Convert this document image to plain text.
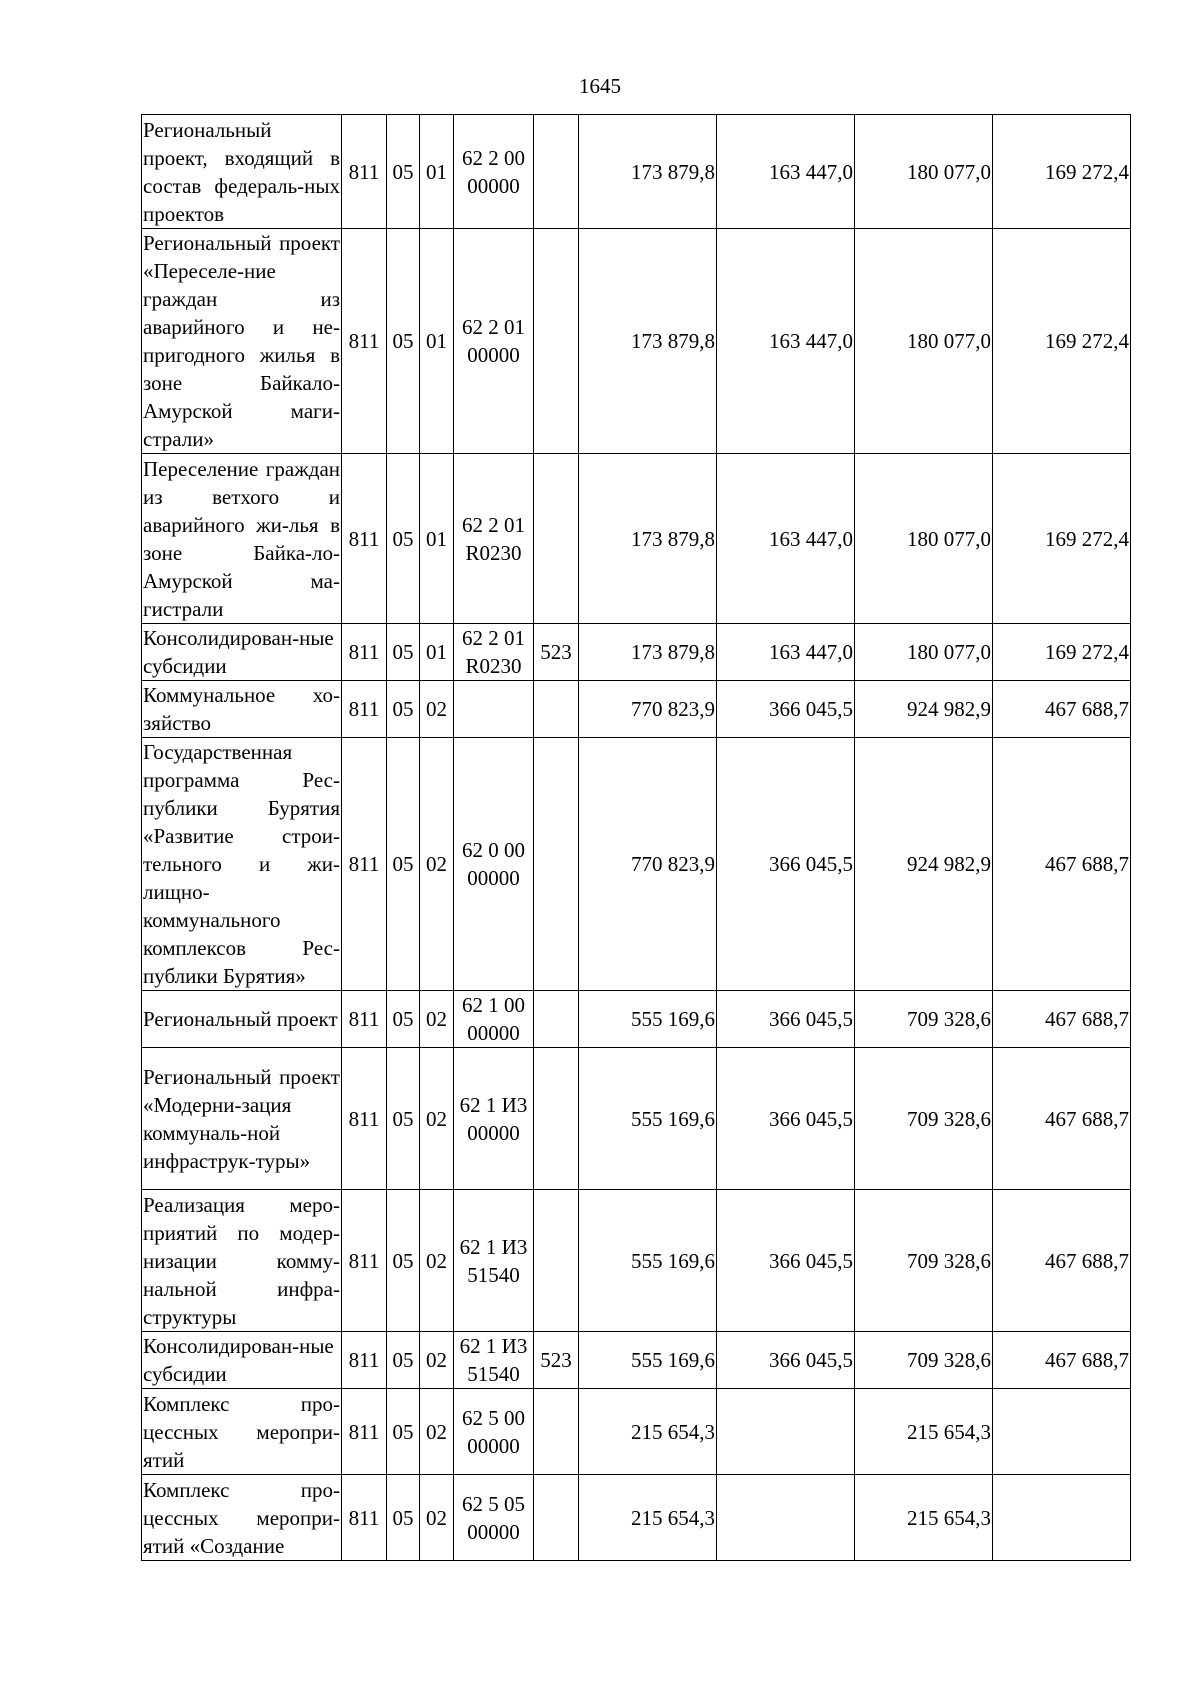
1645
Региональный проект, входящий в состав федераль-ных проектов	811	05	01	62 2 00 00000		173 879,8	163 447,0	180 077,0	169 272,4
Региональный проект «Переселе-ние граждан из аварийного и не-пригодного жилья в зоне Байкало-Амурской маги-страли»	811	05	01	62 2 01 00000		173 879,8	163 447,0	180 077,0	169 272,4
Переселение граждан из ветхого и аварийного жи-лья в зоне Байка-ло-Амурской ма-гистрали	811	05	01	62 2 01 R0230		173 879,8	163 447,0	180 077,0	169 272,4
Консолидирован-ные субсидии	811	05	01	62 2 01 R0230	523	173 879,8	163 447,0	180 077,0	169 272,4
Коммунальное хо-зяйство	811	05	02			770 823,9	366 045,5	924 982,9	467 688,7
Государственная программа Рес-публики Бурятия «Развитие строи-тельного и жи-лищно-коммунального комплексов Рес-публики Бурятия»	811	05	02	62 0 00 00000		770 823,9	366 045,5	924 982,9	467 688,7
Региональный проект	811	05	02	62 1 00 00000		555 169,6	366 045,5	709 328,6	467 688,7
Региональный проект «Модерни-зация коммуналь-ной инфраструк-туры»	811	05	02	62 1 И3 00000		555 169,6	366 045,5	709 328,6	467 688,7
Реализация меро-приятий по модер-низации комму-нальной инфра-структуры	811	05	02	62 1 И3 51540		555 169,6	366 045,5	709 328,6	467 688,7
Консолидирован-ные субсидии	811	05	02	62 1 И3 51540	523	555 169,6	366 045,5	709 328,6	467 688,7
Комплекс про-цессных меропри-ятий	811	05	02	62 5 00 00000		215 654,3		215 654,3	
Комплекс про-цессных меропри-ятий «Создание	811	05	02	62 5 05 00000		215 654,3		215 654,3	
